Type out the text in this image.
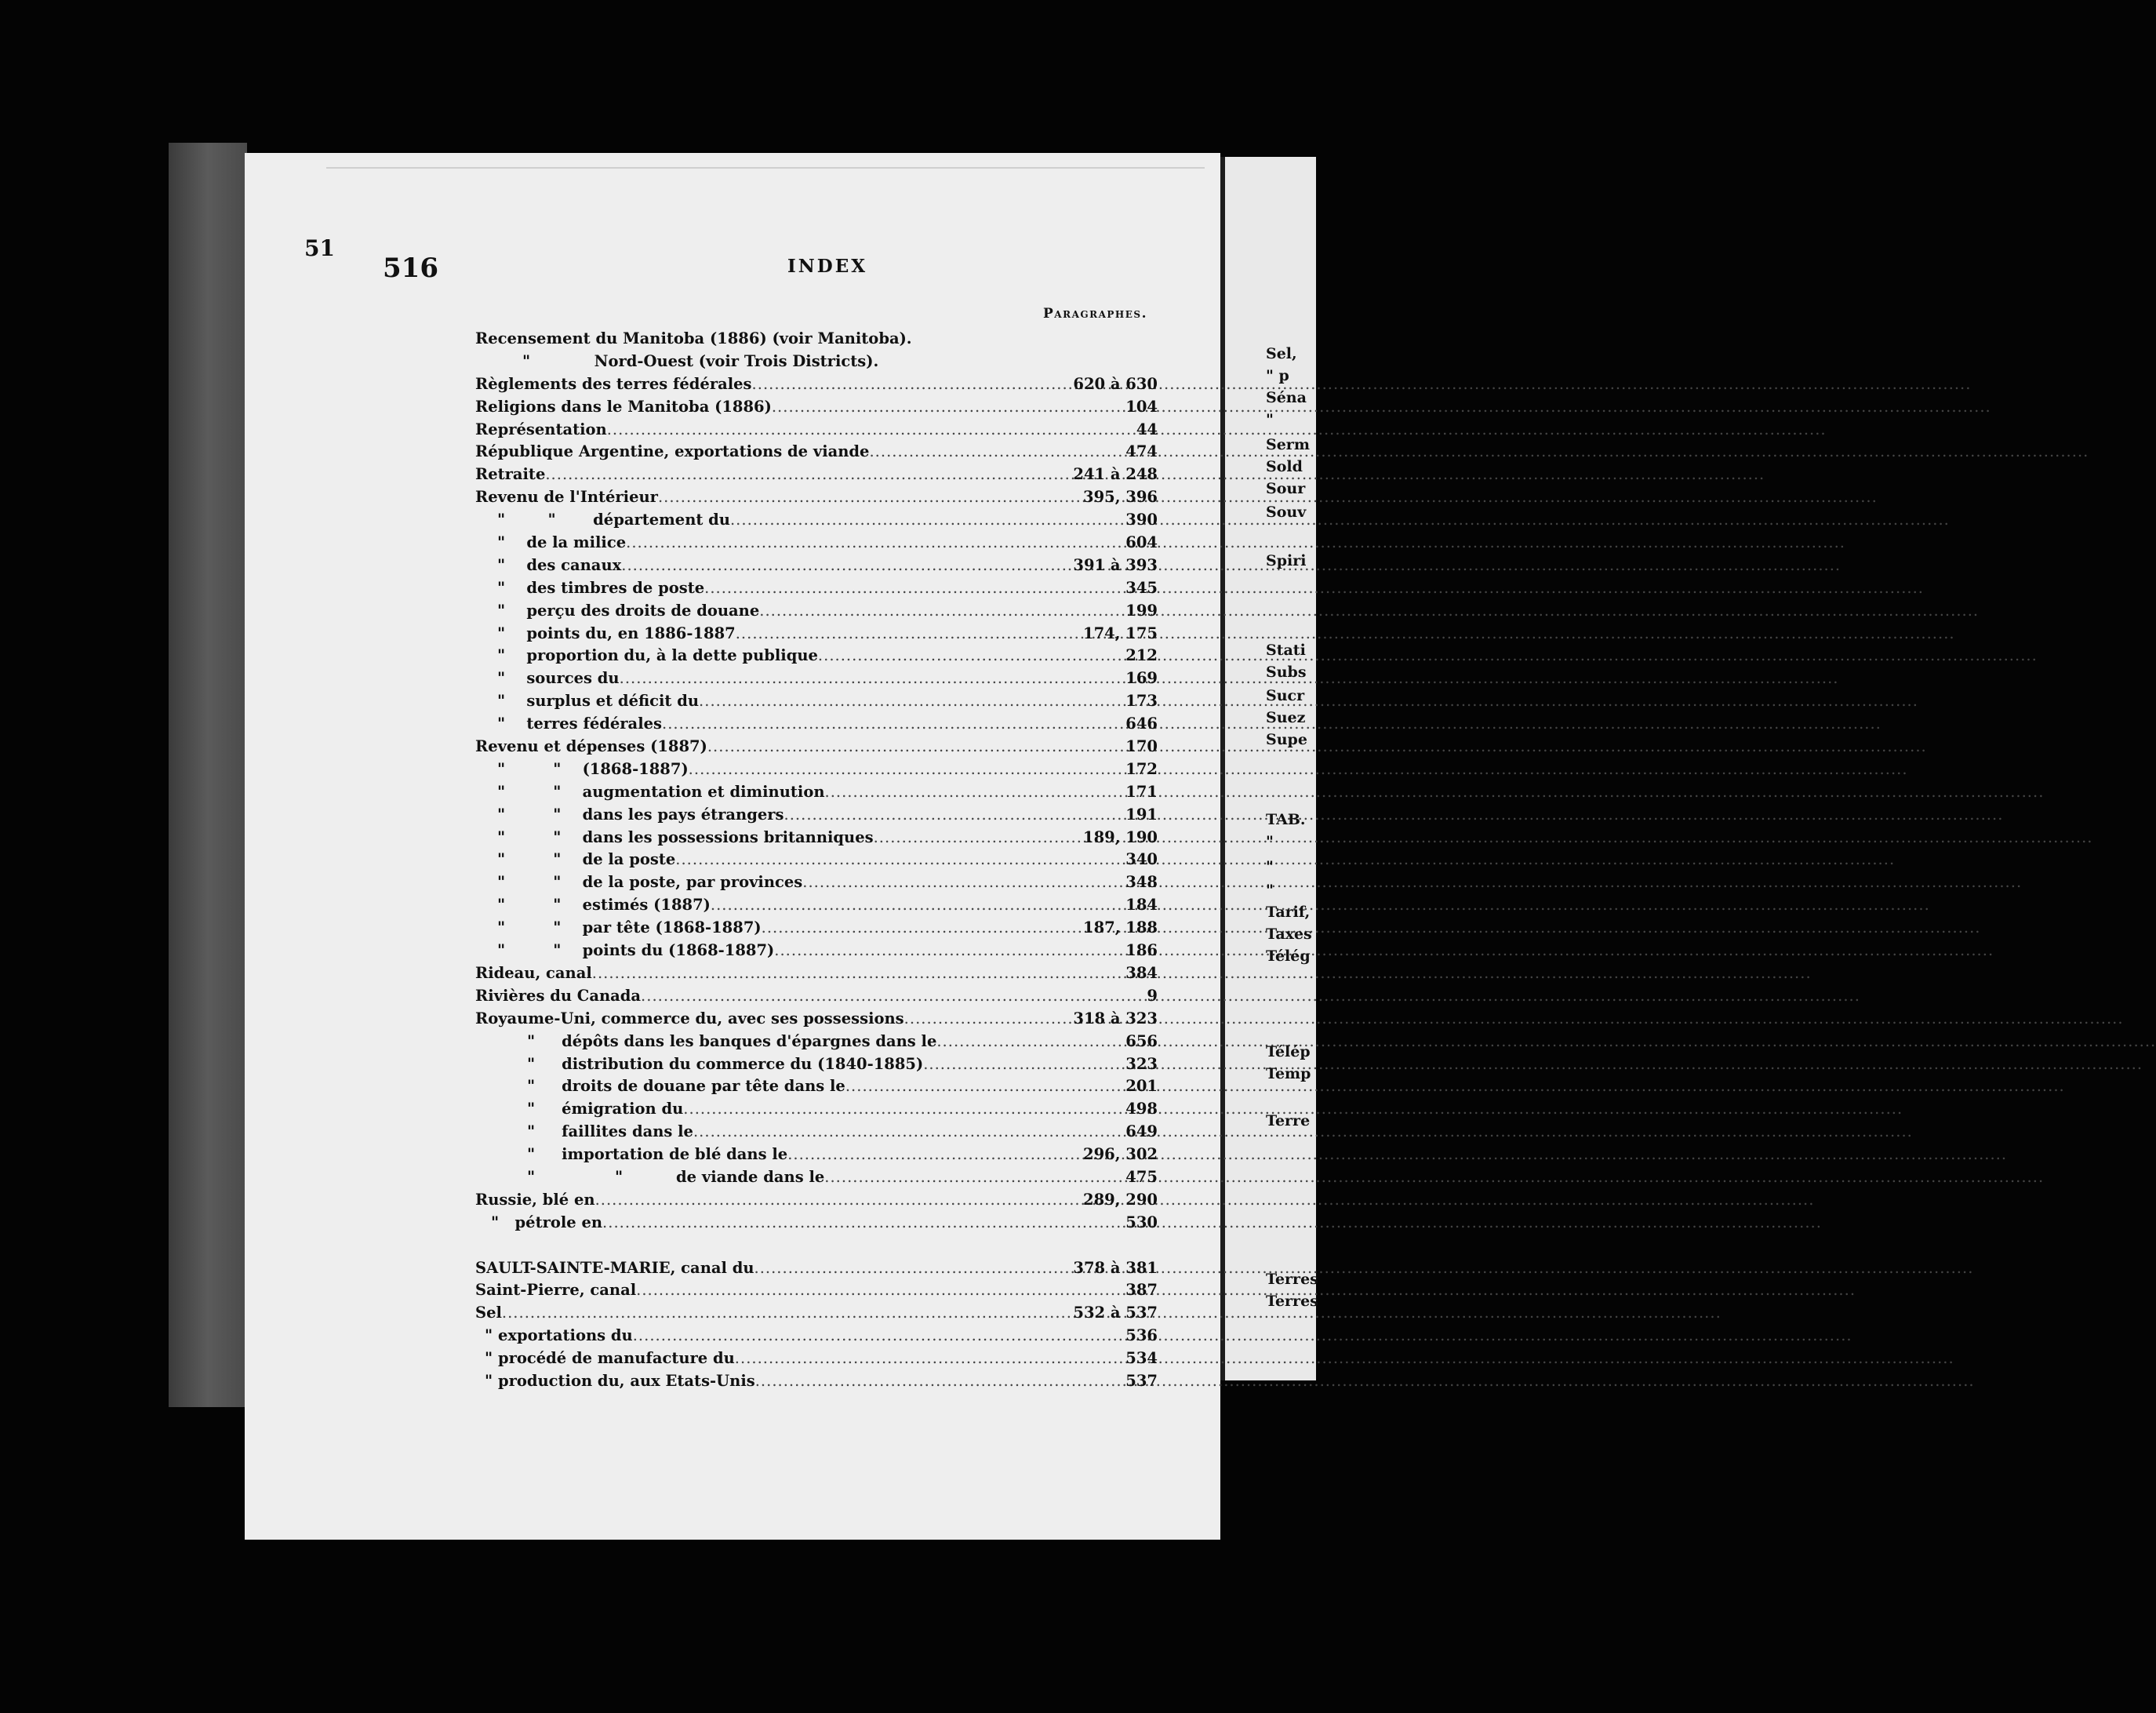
51
516	INDEX
Paragraphes.
Recensement du Manitoba (1886) (voir Manitoba).
"            Nord-Ouest (voir Trois Districts).
Règlements des terres fédérales .....	620 à 630
Religions dans le Manitoba (1886) .....	104
Représentation .....	44
République Argentine, exportations de viande .....	474
Retraite .....	241 à 248
Revenu de l'Intérieur .....	395, 396
"        "       département du .....	390
"    de la milice .....	604
"    des canaux .....	391 à 393
"    des timbres de poste .....	345
"    perçu des droits de douane .....	199
"    points du, en 1886-1887 .....	174, 175
"    proportion du, à la dette publique .....	212
"    sources du .....	169
"    surplus et déficit du .....	173
"    terres fédérales .....	646
Revenu et dépenses (1887) .....	170
"         "    (1868-1887) .....	172
"         "    augmentation et diminution .....	171
"         "    dans les pays étrangers .....	191
"         "    dans les possessions britanniques .....	189, 190
"         "    de la poste .....	340
"         "    de la poste, par provinces .....	348
"         "    estimés (1887) .....	184
"         "    par tête (1868-1887) .....	187, 188
"         "    points du (1868-1887) .....	186
Rideau, canal .....	384
Rivières du Canada .....	9
Royaume-Uni, commerce du, avec ses possessions .....	318 à 323
"     dépôts dans les banques d'épargnes dans le .....	656
"     distribution du commerce du (1840-1885) .....	323
"     droits de douane par tête dans le .....	201
"     émigration du .....	498
"     faillites dans le .....	649
"     importation de blé dans le .....	296, 302
"               "          de viande dans le .....	475
Russie, blé en .....	289, 290
"   pétrole en .....	530
SAULT-SAINTE-MARIE, canal du .....	378 à 381
Saint-Pierre, canal .....	387
Sel .....	532 à 537
" exportations du .....	536
" procédé de manufacture du .....	534
" production du, aux Etats-Unis .....	537
Sel,
" p
Séna
"
Serm
Sold
Sour
Souv
Spiri
Stati
Subs
Sucr
Suez
Supe
TAB.
"
"
"
Tarif,
Taxes
Télég
Télép
Temp
Terre
Terres
Terres
